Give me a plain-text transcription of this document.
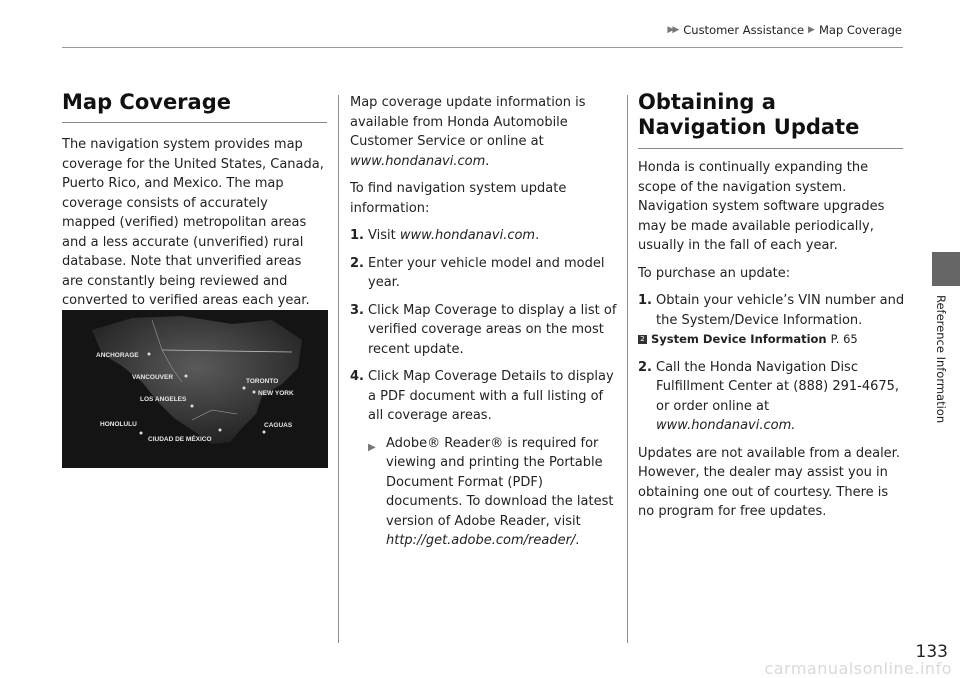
▶▶ Customer Assistance ▶ Map Coverage
Map Coverage

The navigation system provides map coverage for the United States, Canada, Puerto Rico, and Mexico. The map coverage consists of accurately mapped (verified) metropolitan areas and a less accurate (unverified) rural database. Note that unverified areas are constantly being reviewed and converted to verified areas each year.

ANCHORAGE
VANCOUVER
TORONTO
NEW YORK
LOS ANGELES
HONOLULU	CAGUAS
CIUDAD DE MÉXICO

Map coverage update information is available from Honda Automobile Customer Service or online at www.hondanavi.com.

To find navigation system update information:

1. Visit www.hondanavi.com.
2. Enter your vehicle model and model year.
3. Click Map Coverage to display a list of verified coverage areas on the most recent update.
4. Click Map Coverage Details to display a PDF document with a full listing of all coverage areas.
▶ Adobe® Reader® is required for viewing and printing the Portable Document Format (PDF) documents. To download the latest version of Adobe Reader, visit http://get.adobe.com/reader/.
Obtaining a Navigation Update

Honda is continually expanding the scope of the navigation system. Navigation system software upgrades may be made available periodically, usually in the fall of each year.

To purchase an update:

1. Obtain your vehicle’s VIN number and the System/Device Information.
2 System Device Information P. 65
2. Call the Honda Navigation Disc Fulfillment Center at (888) 291-4675, or order online at www.hondanavi.com.

Updates are not available from a dealer. However, the dealer may assist you in obtaining one out of courtesy. There is no program for free updates.

Reference Information
133
carmanualsonline.info
